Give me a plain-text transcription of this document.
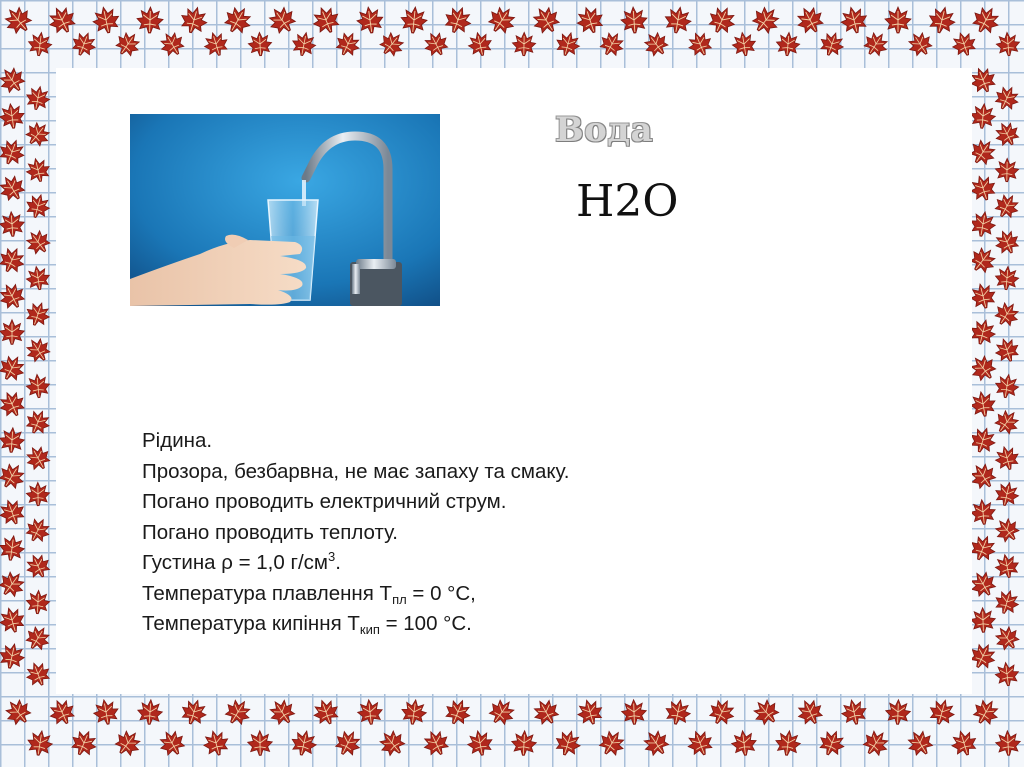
Вода
H2O
Рідина.
Прозора, безбарвна, не має запаху та смаку.
Погано проводить електричний струм.
Погано проводить теплоту.
Густина ρ = 1,0 $г/см^3$.
Температура плавлення $Т_{пл} = 0$ °С,
Температура кипіння $Т_{кип} = 100$ °С.
